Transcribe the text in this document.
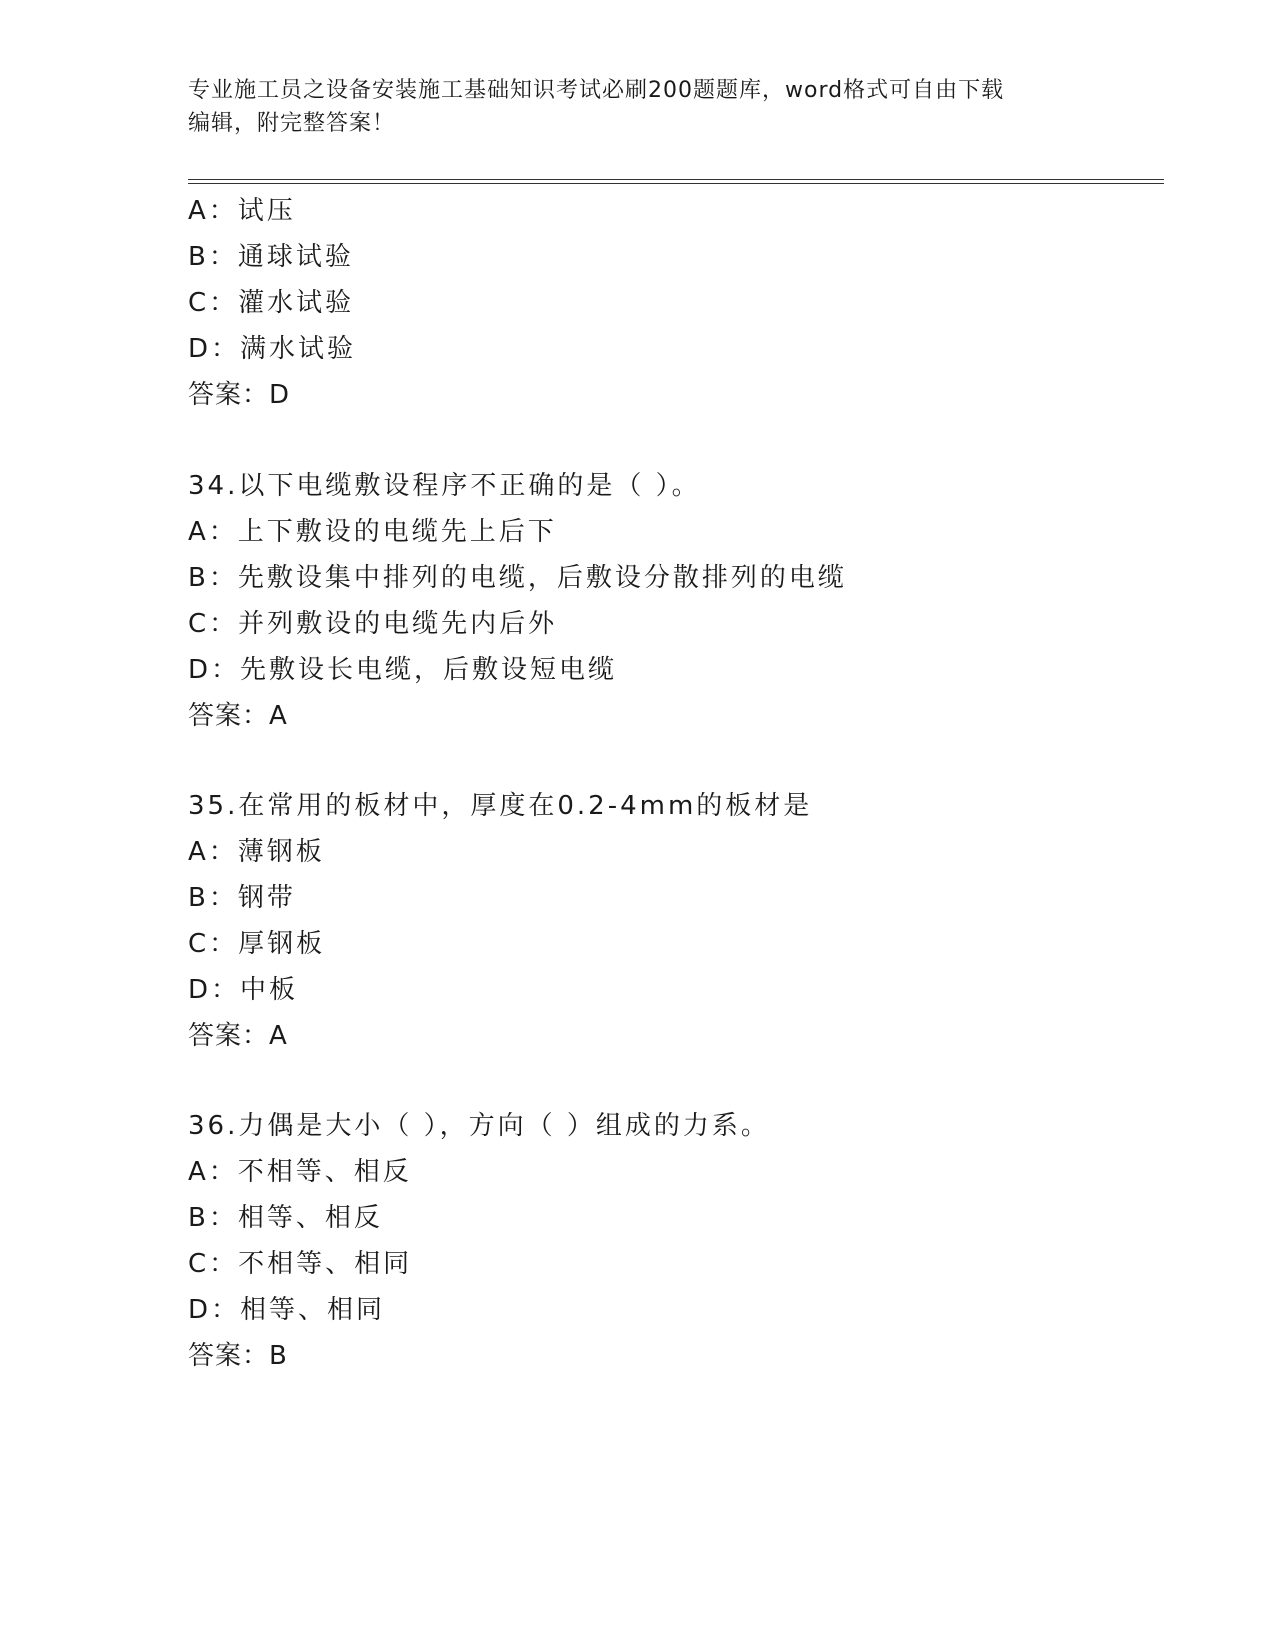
专业施工员之设备安装施工基础知识考试必刷200题题库，word格式可自由下载
编辑，附完整答案！
A：试压
B：通球试验
C：灌水试验
D：满水试验
答案：D
34.以下电缆敷设程序不正确的是（ ）。
A：上下敷设的电缆先上后下
B：先敷设集中排列的电缆，后敷设分散排列的电缆
C：并列敷设的电缆先内后外
D：先敷设长电缆，后敷设短电缆
答案：A
35.在常用的板材中，厚度在0.2-4mm的板材是
A：薄钢板
B：钢带
C：厚钢板
D：中板
答案：A
36.力偶是大小（ ），方向（ ）组成的力系。
A：不相等、相反
B：相等、相反
C：不相等、相同
D：相等、相同
答案：B
